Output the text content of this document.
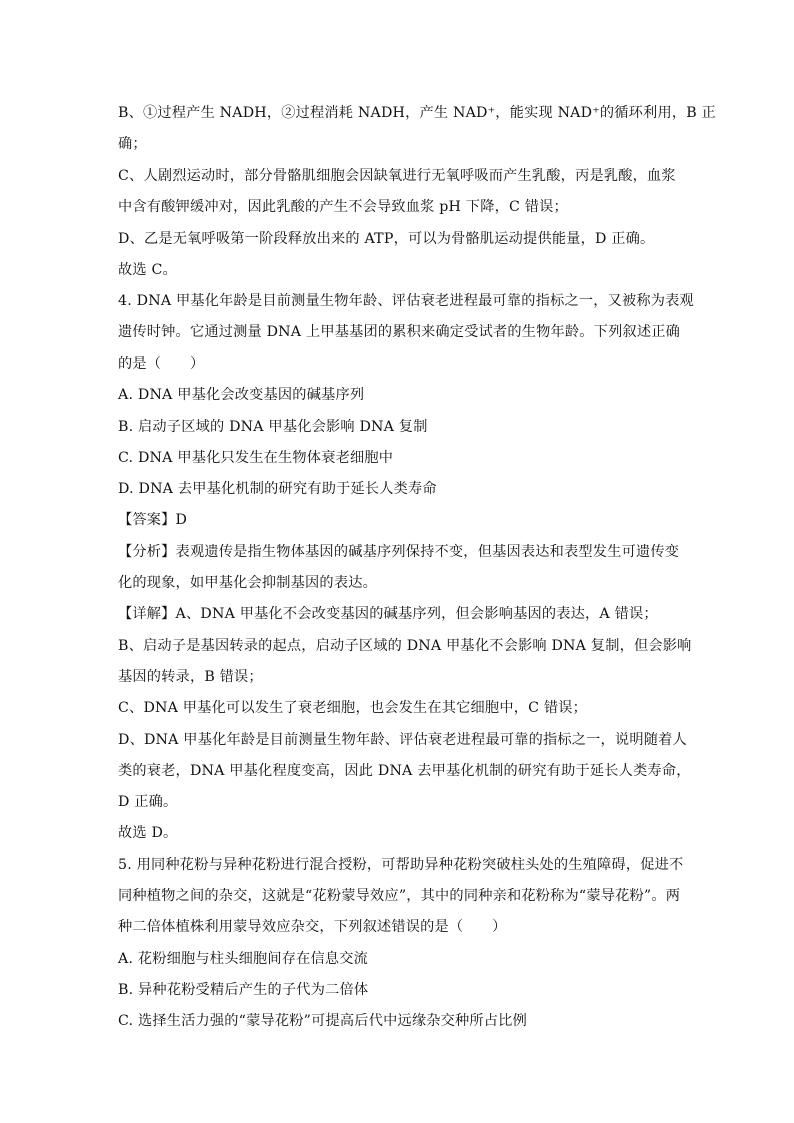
B、①过程产生 NADH，②过程消耗 NADH，产生 NAD⁺，能实现 NAD⁺的循环利用，B 正
确；
C、人剧烈运动时，部分骨骼肌细胞会因缺氧进行无氧呼吸而产生乳酸，丙是乳酸，血浆
中含有酸钾缓冲对，因此乳酸的产生不会导致血浆 pH 下降，C 错误；
D、乙是无氧呼吸第一阶段释放出来的 ATP，可以为骨骼肌运动提供能量，D 正确。
故选 C。
4. DNA 甲基化年龄是目前测量生物年龄、评估衰老进程最可靠的指标之一，又被称为表观
遗传时钟。它通过测量 DNA 上甲基基团的累积来确定受试者的生物年龄。下列叙述正确
的是（　　）
A. DNA 甲基化会改变基因的碱基序列
B. 启动子区域的 DNA 甲基化会影响 DNA 复制
C. DNA 甲基化只发生在生物体衰老细胞中
D. DNA 去甲基化机制的研究有助于延长人类寿命
【答案】D
【分析】表观遗传是指生物体基因的碱基序列保持不变，但基因表达和表型发生可遗传变
化的现象，如甲基化会抑制基因的表达。
【详解】A、DNA 甲基化不会改变基因的碱基序列，但会影响基因的表达，A 错误；
B、启动子是基因转录的起点，启动子区域的 DNA 甲基化不会影响 DNA 复制，但会影响
基因的转录，B 错误；
C、DNA 甲基化可以发生了衰老细胞，也会发生在其它细胞中，C 错误；
D、DNA 甲基化年龄是目前测量生物年龄、评估衰老进程最可靠的指标之一，说明随着人
类的衰老，DNA 甲基化程度变高，因此 DNA 去甲基化机制的研究有助于延长人类寿命，
D 正确。
故选 D。
5. 用同种花粉与异种花粉进行混合授粉，可帮助异种花粉突破柱头处的生殖障碍，促进不
同种植物之间的杂交，这就是“花粉蒙导效应”，其中的同种亲和花粉称为“蒙导花粉”。两
种二倍体植株利用蒙导效应杂交，下列叙述错误的是（　　）
A. 花粉细胞与柱头细胞间存在信息交流
B. 异种花粉受精后产生的子代为二倍体
C. 选择生活力强的“蒙导花粉”可提高后代中远缘杂交种所占比例
